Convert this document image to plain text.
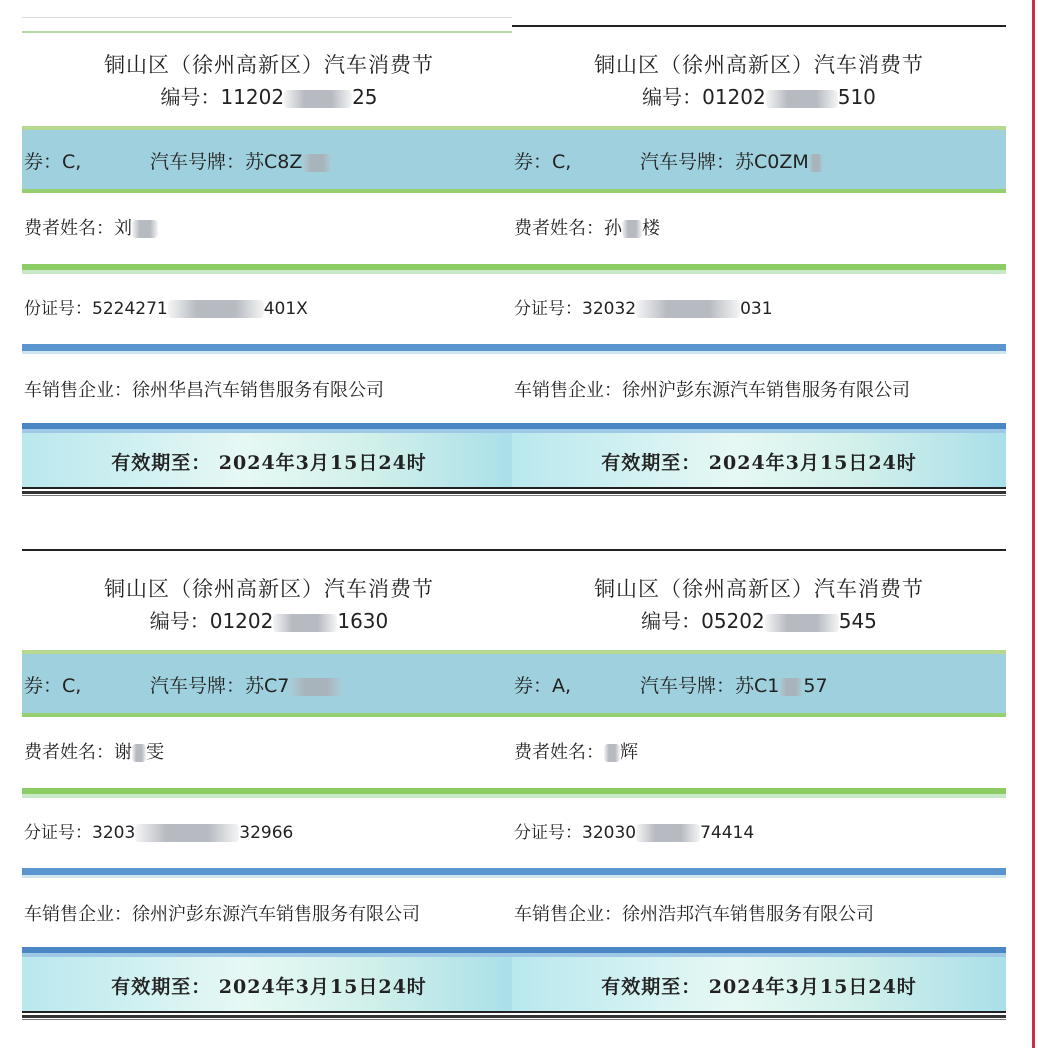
铜山区（徐州高新区）汽车消费节
编号：11202	25
券：C,	汽车号牌：苏C8Z
费者姓名：刘
份证号：5224271	401X
车销售企业：徐州华昌汽车销售服务有限公司
有效期至： 2024年3月15日24时
铜山区（徐州高新区）汽车消费节
编号：01202	510
券：C,	汽车号牌：苏C0ZM
费者姓名：孙 楼
分证号：32032	031
车销售企业：徐州沪彭东源汽车销售服务有限公司
有效期至： 2024年3月15日24时
铜山区（徐州高新区）汽车消费节
编号：01202	1630
券：C,	汽车号牌：苏C7
费者姓名：谢 雯
分证号：3203	32966
车销售企业：徐州沪彭东源汽车销售服务有限公司
有效期至： 2024年3月15日24时
铜山区（徐州高新区）汽车消费节
编号：05202	545
券：A,	汽车号牌：苏C1 57
费者姓名： 辉
分证号：32030	74414
车销售企业：徐州浩邦汽车销售服务有限公司
有效期至： 2024年3月15日24时
